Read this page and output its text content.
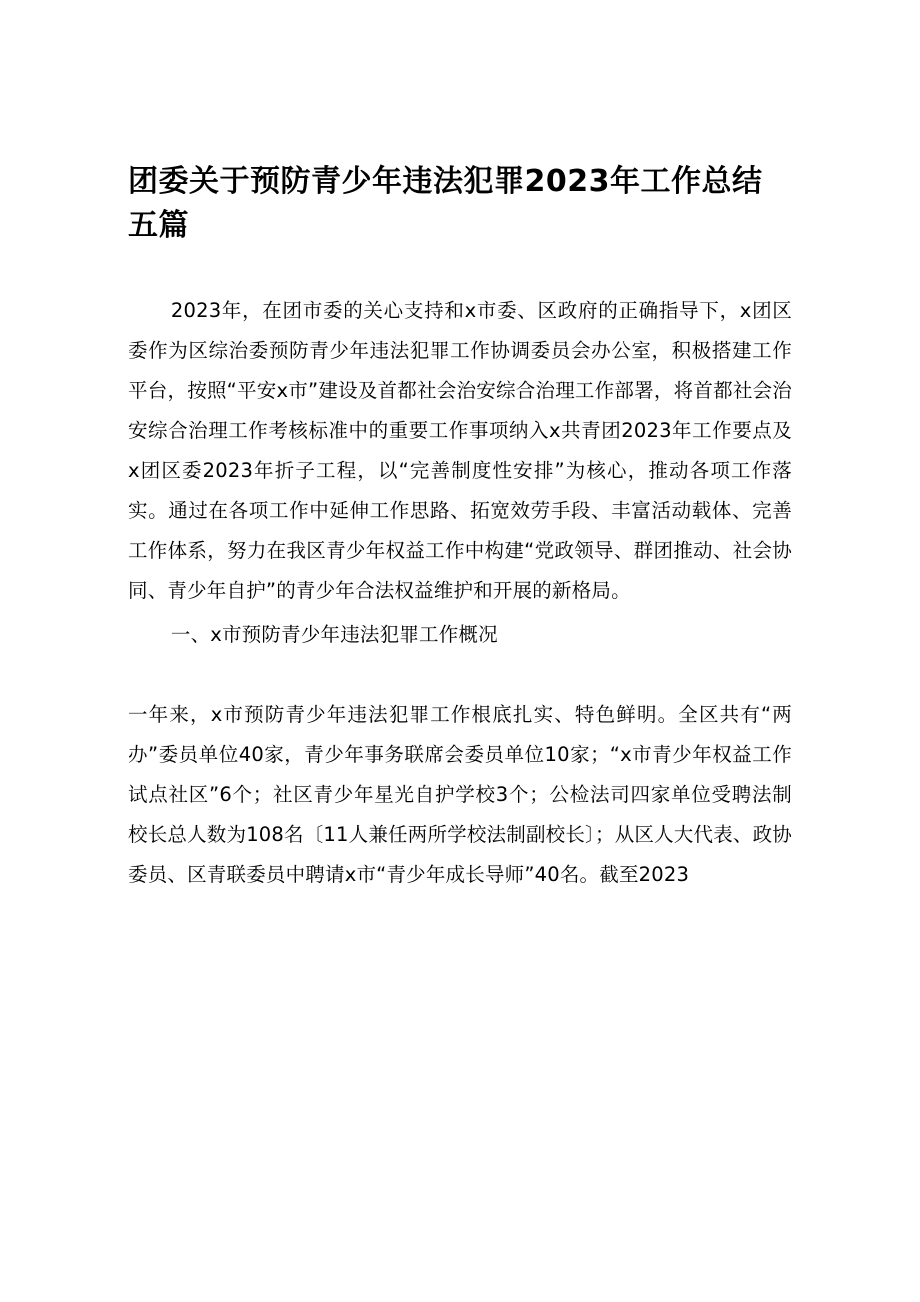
团委关于预防青少年违法犯罪2023年工作总结五篇

2023年，在团市委的关心支持和x市委、区政府的正确指导下，x团区委作为区综治委预防青少年违法犯罪工作协调委员会办公室，积极搭建工作平台，按照“平安x市”建设及首都社会治安综合治理工作部署，将首都社会治安综合治理工作考核标准中的重要工作事项纳入x共青团2023年工作要点及x团区委2023年折子工程，以“完善制度性安排”为核心，推动各项工作落实。通过在各项工作中延伸工作思路、拓宽效劳手段、丰富活动载体、完善工作体系，努力在我区青少年权益工作中构建“党政领导、群团推动、社会协同、青少年自护”的青少年合法权益维护和开展的新格局。

一、x市预防青少年违法犯罪工作概况

一年来，x市预防青少年违法犯罪工作根底扎实、特色鲜明。全区共有“两办”委员单位40家，青少年事务联席会委员单位10家；“x市青少年权益工作试点社区”6个；社区青少年星光自护学校3个；公检法司四家单位受聘法制校长总人数为108名〔11人兼任两所学校法制副校长〕；从区人大代表、政协委员、区青联委员中聘请x市“青少年成长导师”40名。截至2023
